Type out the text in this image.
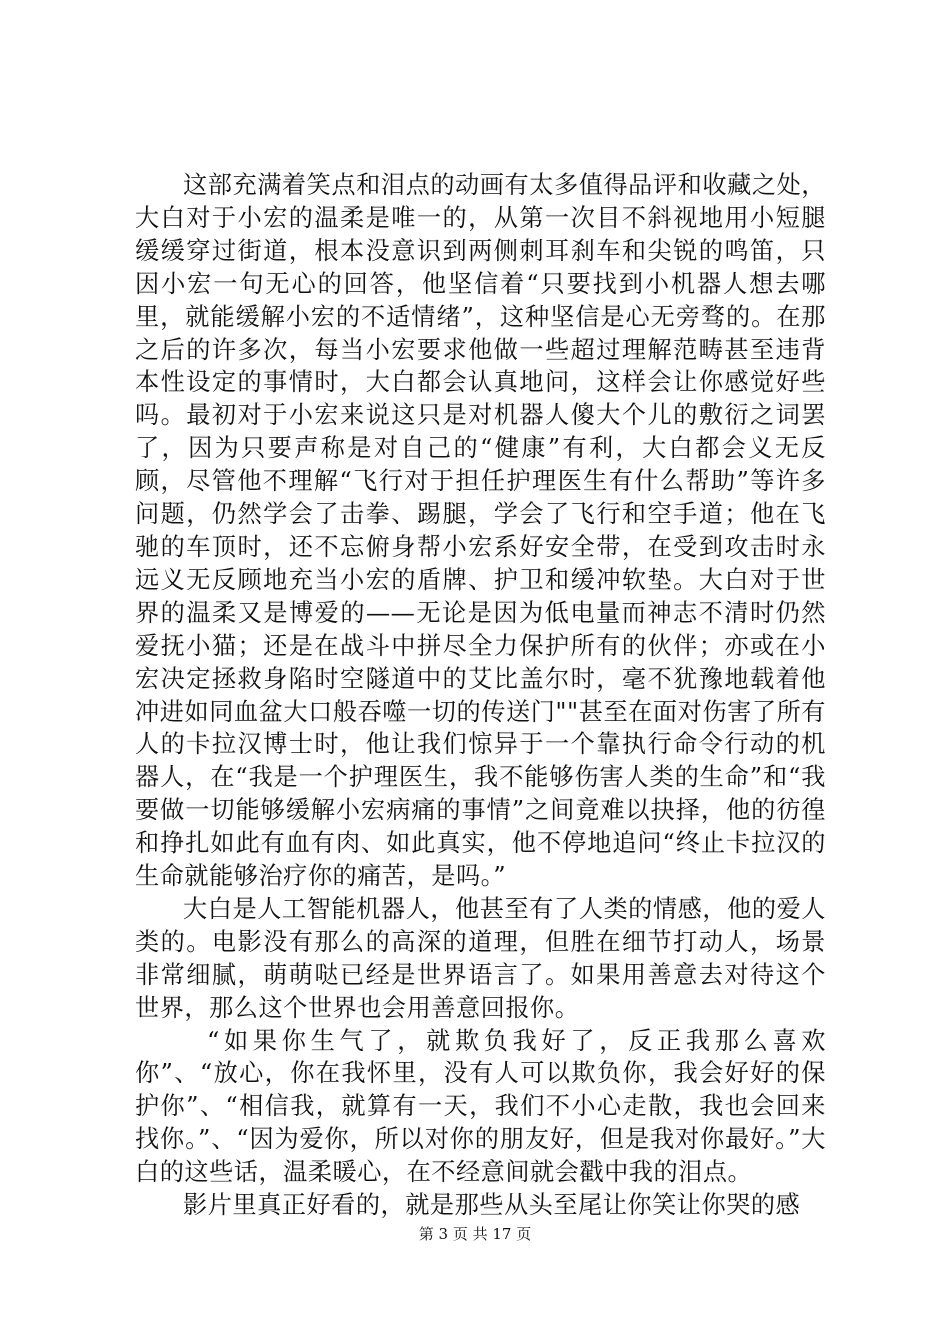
这部充满着笑点和泪点的动画有太多值得品评和收藏之处，大白对于小宏的温柔是唯一的，从第一次目不斜视地用小短腿缓缓穿过街道，根本没意识到两侧刺耳刹车和尖锐的鸣笛，只因小宏一句无心的回答，他坚信着“只要找到小机器人想去哪里，就能缓解小宏的不适情绪”，这种坚信是心无旁骛的。在那之后的许多次，每当小宏要求他做一些超过理解范畴甚至违背本性设定的事情时，大白都会认真地问，这样会让你感觉好些吗。最初对于小宏来说这只是对机器人傻大个儿的敷衍之词罢了，因为只要声称是对自己的“健康”有利，大白都会义无反顾，尽管他不理解“飞行对于担任护理医生有什么帮助”等许多问题，仍然学会了击拳、踢腿，学会了飞行和空手道；他在飞驰的车顶时，还不忘俯身帮小宏系好安全带，在受到攻击时永远义无反顾地充当小宏的盾牌、护卫和缓冲软垫。大白对于世界的温柔又是博爱的——无论是因为低电量而神志不清时仍然爱抚小猫；还是在战斗中拼尽全力保护所有的伙伴；亦或在小宏决定拯救身陷时空隧道中的艾比盖尔时，毫不犹豫地载着他冲进如同血盆大口般吞噬一切的传送门""甚至在面对伤害了所有人的卡拉汉博士时，他让我们惊异于一个靠执行命令行动的机器人，在“我是一个护理医生，我不能够伤害人类的生命”和“我要做一切能够缓解小宏病痛的事情”之间竟难以抉择，他的彷徨和挣扎如此有血有肉、如此真实，他不停地追问“终止卡拉汉的生命就能够治疗你的痛苦，是吗。”

大白是人工智能机器人，他甚至有了人类的情感，他的爱人类的。电影没有那么的高深的道理，但胜在细节打动人，场景非常细腻，萌萌哒已经是世界语言了。如果用善意去对待这个世界，那么这个世界也会用善意回报你。

“如果你生气了，就欺负我好了，反正我那么喜欢你”、“放心，你在我怀里，没有人可以欺负你，我会好好的保护你”、“相信我，就算有一天，我们不小心走散，我也会回来找你。”、“因为爱你，所以对你的朋友好，但是我对你最好。”大白的这些话，温柔暖心，在不经意间就会戳中我的泪点。

影片里真正好看的，就是那些从头至尾让你笑让你哭的感

第 3 页 共 17 页
